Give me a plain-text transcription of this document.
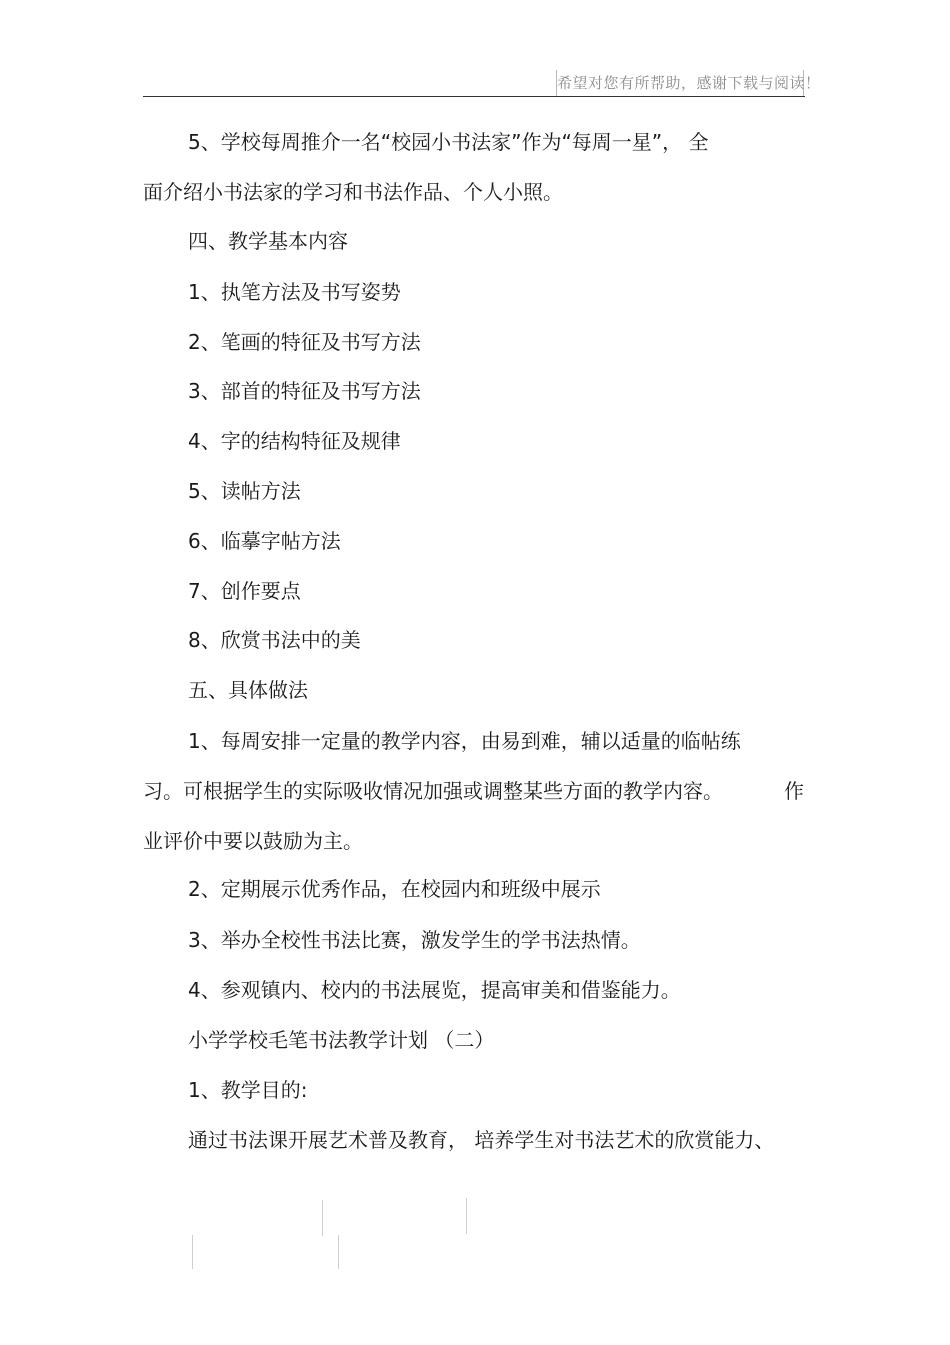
希望对您有所帮助，感谢下载与阅读！
5、学校每周推介一名“校园小书法家”作为“每周一星”， 全
面介绍小书法家的学习和书法作品、个人小照。
四、教学基本内容
1、执笔方法及书写姿势
2、笔画的特征及书写方法
3、部首的特征及书写方法
4、字的结构特征及规律
5、读帖方法
6、临摹字帖方法
7、创作要点
8、欣赏书法中的美
五、具体做法
1、每周安排一定量的教学内容，由易到难，辅以适量的临帖练
习。可根据学生的实际吸收情况加强或调整某些方面的教学内容。	作
业评价中要以鼓励为主。
2、定期展示优秀作品，在校园内和班级中展示
3、举办全校性书法比赛，激发学生的学书法热情。
4、参观镇内、校内的书法展览，提高审美和借鉴能力。
小学学校毛笔书法教学计划 （二）
1、教学目的:
通过书法课开展艺术普及教育， 培养学生对书法艺术的欣赏能力、
